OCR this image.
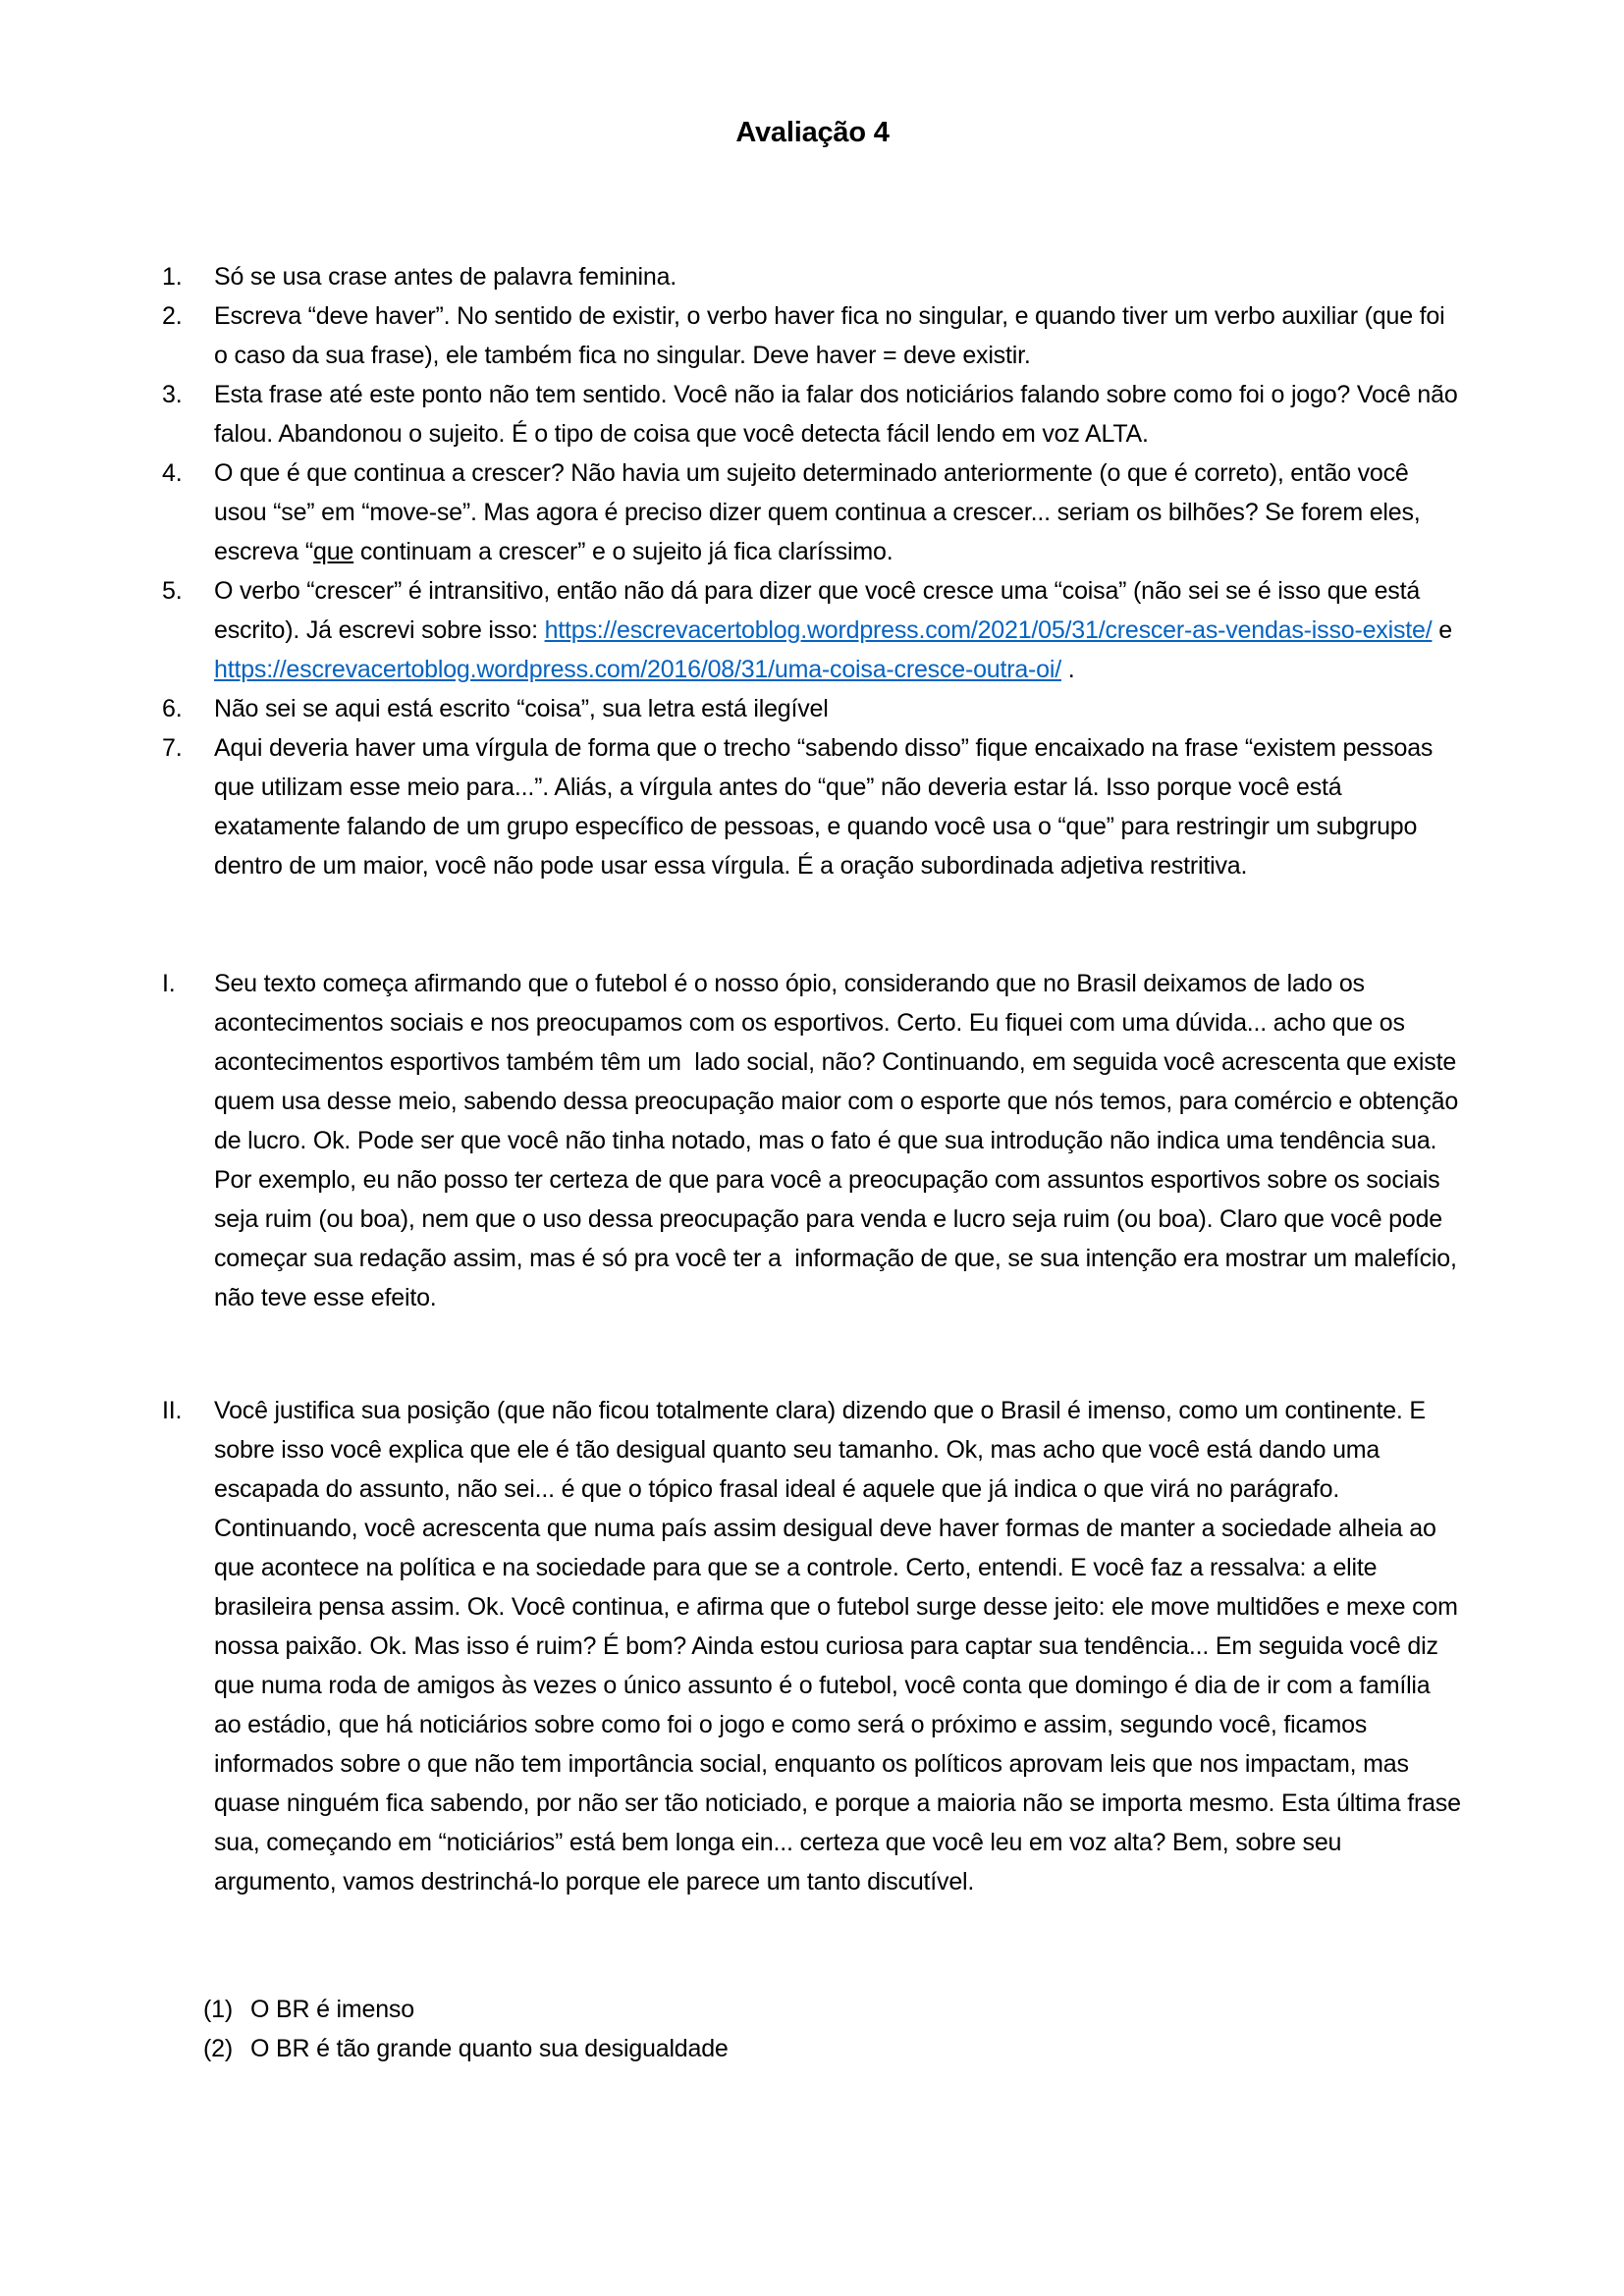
Avaliação 4
1.	Só se usa crase antes de palavra feminina.
2.	Escreva “deve haver”. No sentido de existir, o verbo haver fica no singular, e quando tiver um verbo auxiliar (que foi o caso da sua frase), ele também fica no singular. Deve haver = deve existir.
3.	Esta frase até este ponto não tem sentido. Você não ia falar dos noticiários falando sobre como foi o jogo? Você não falou. Abandonou o sujeito. É o tipo de coisa que você detecta fácil lendo em voz ALTA.
4.	O que é que continua a crescer? Não havia um sujeito determinado anteriormente (o que é correto), então você usou “se” em “move-se”. Mas agora é preciso dizer quem continua a crescer... seriam os bilhões? Se forem eles, escreva “que continuam a crescer” e o sujeito já fica claríssimo.
5.	O verbo “crescer” é intransitivo, então não dá para dizer que você cresce uma “coisa” (não sei se é isso que está escrito). Já escrevi sobre isso: https://escrevacertoblog.wordpress.com/2021/05/31/crescer-as-vendas-isso-existe/ e  https://escrevacertoblog.wordpress.com/2016/08/31/uma-coisa-cresce-outra-oi/ .
6.	Não sei se aqui está escrito “coisa”, sua letra está ilegível
7.	Aqui deveria haver uma vírgula de forma que o trecho “sabendo disso” fique encaixado na frase “existem pessoas que utilizam esse meio para...”. Aliás, a vírgula antes do “que” não deveria estar lá. Isso porque você está exatamente falando de um grupo específico de pessoas, e quando você usa o “que” para restringir um subgrupo dentro de um maior, você não pode usar essa vírgula. É a oração subordinada adjetiva restritiva.
I.	Seu texto começa afirmando que o futebol é o nosso ópio, considerando que no Brasil deixamos de lado os acontecimentos sociais e nos preocupamos com os esportivos. Certo. Eu fiquei com uma dúvida... acho que os acontecimentos esportivos também têm um  lado social, não? Continuando, em seguida você acrescenta que existe quem usa desse meio, sabendo dessa preocupação maior com o esporte que nós temos, para comércio e obtenção de lucro. Ok. Pode ser que você não tinha notado, mas o fato é que sua introdução não indica uma tendência sua. Por exemplo, eu não posso ter certeza de que para você a preocupação com assuntos esportivos sobre os sociais seja ruim (ou boa), nem que o uso dessa preocupação para venda e lucro seja ruim (ou boa). Claro que você pode começar sua redação assim, mas é só pra você ter a  informação de que, se sua intenção era mostrar um malefício, não teve esse efeito.
II.	Você justifica sua posição (que não ficou totalmente clara) dizendo que o Brasil é imenso, como um continente. E sobre isso você explica que ele é tão desigual quanto seu tamanho. Ok, mas acho que você está dando uma escapada do assunto, não sei... é que o tópico frasal ideal é aquele que já indica o que virá no parágrafo. Continuando, você acrescenta que numa país assim desigual deve haver formas de manter a sociedade alheia ao que acontece na política e na sociedade para que se a controle. Certo, entendi. E você faz a ressalva: a elite brasileira pensa assim. Ok. Você continua, e afirma que o futebol surge desse jeito: ele move multidões e mexe com nossa paixão. Ok. Mas isso é ruim? É bom? Ainda estou curiosa para captar sua tendência... Em seguida você diz que numa roda de amigos às vezes o único assunto é o futebol, você conta que domingo é dia de ir com a família ao estádio, que há noticiários sobre como foi o jogo e como será o próximo e assim, segundo você, ficamos informados sobre o que não tem importância social, enquanto os políticos aprovam leis que nos impactam, mas quase ninguém fica sabendo, por não ser tão noticiado, e porque a maioria não se importa mesmo. Esta última frase sua, começando em “noticiários” está bem longa ein... certeza que você leu em voz alta? Bem, sobre seu argumento, vamos destrinchá-lo porque ele parece um tanto discutível.
(1) O BR é imenso
(2) O BR é tão grande quanto sua desigualdade
